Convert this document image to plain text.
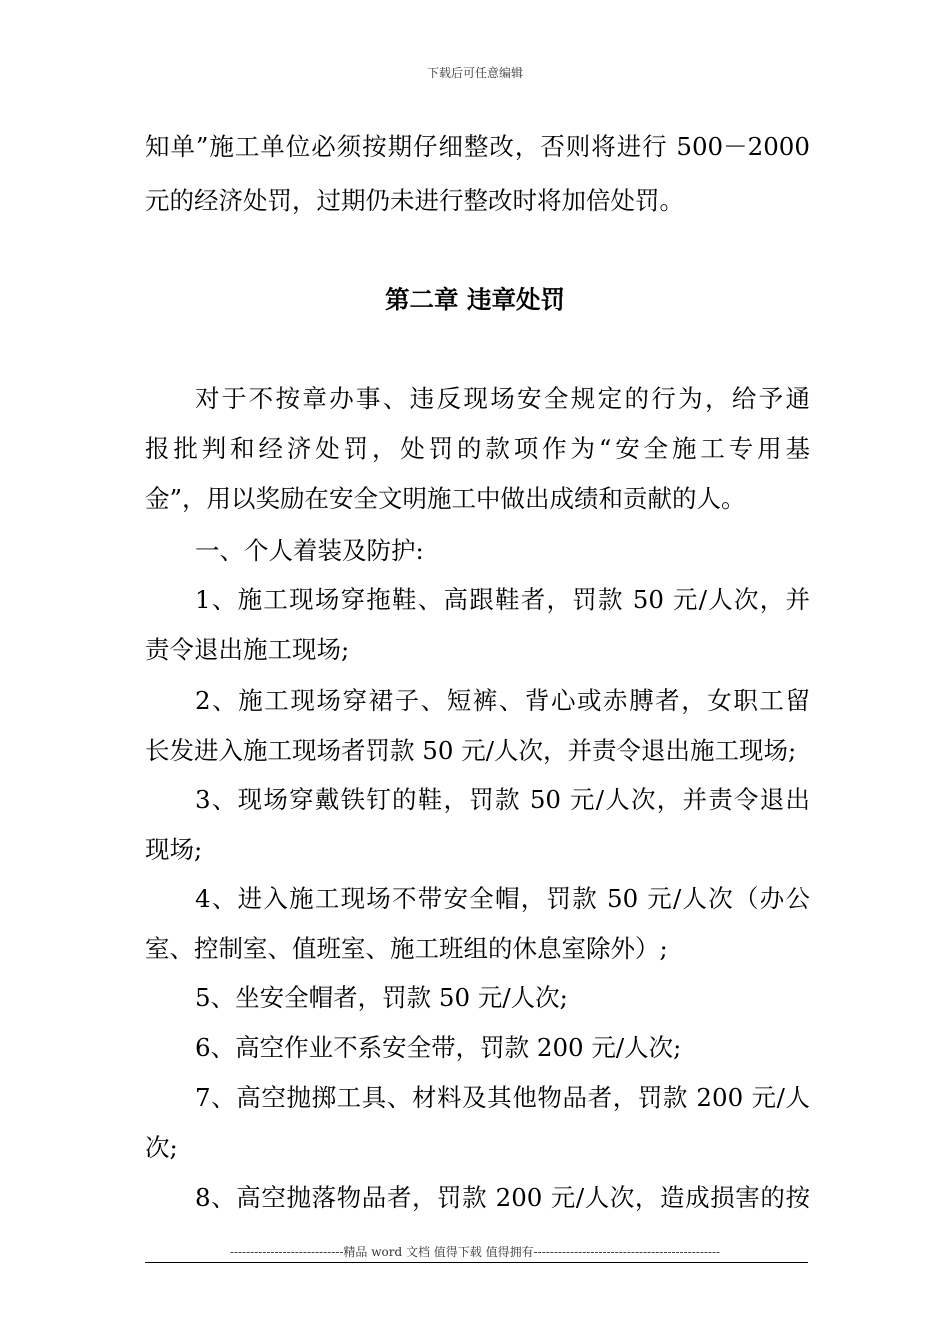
下载后可任意编辑
知单”施工单位必须按期仔细整改，否则将进行 500－2000
元的经济处罚，过期仍未进行整改时将加倍处罚。
第二章 违章处罚
对于不按章办事、违反现场安全规定的行为，给予通
报批判和经济处罚，处罚的款项作为“安全施工专用基
金”，用以奖励在安全文明施工中做出成绩和贡献的人。
一、个人着装及防护:
1、施工现场穿拖鞋、高跟鞋者，罚款 50 元/人次，并
责令退出施工现场;
2、施工现场穿裙子、短裤、背心或赤膊者，女职工留
长发进入施工现场者罚款 50 元/人次，并责令退出施工现场;
3、现场穿戴铁钉的鞋，罚款 50 元/人次，并责令退出
现场;
4、进入施工现场不带安全帽，罚款 50 元/人次（办公
室、控制室、值班室、施工班组的休息室除外）;
5、坐安全帽者，罚款 50 元/人次;
6、高空作业不系安全带，罚款 200 元/人次;
7、高空抛掷工具、材料及其他物品者，罚款 200 元/人
次;
8、高空抛落物品者，罚款 200 元/人次，造成损害的按
----------------------------精品 word 文档 值得下载 值得拥有----------------------------------------------
